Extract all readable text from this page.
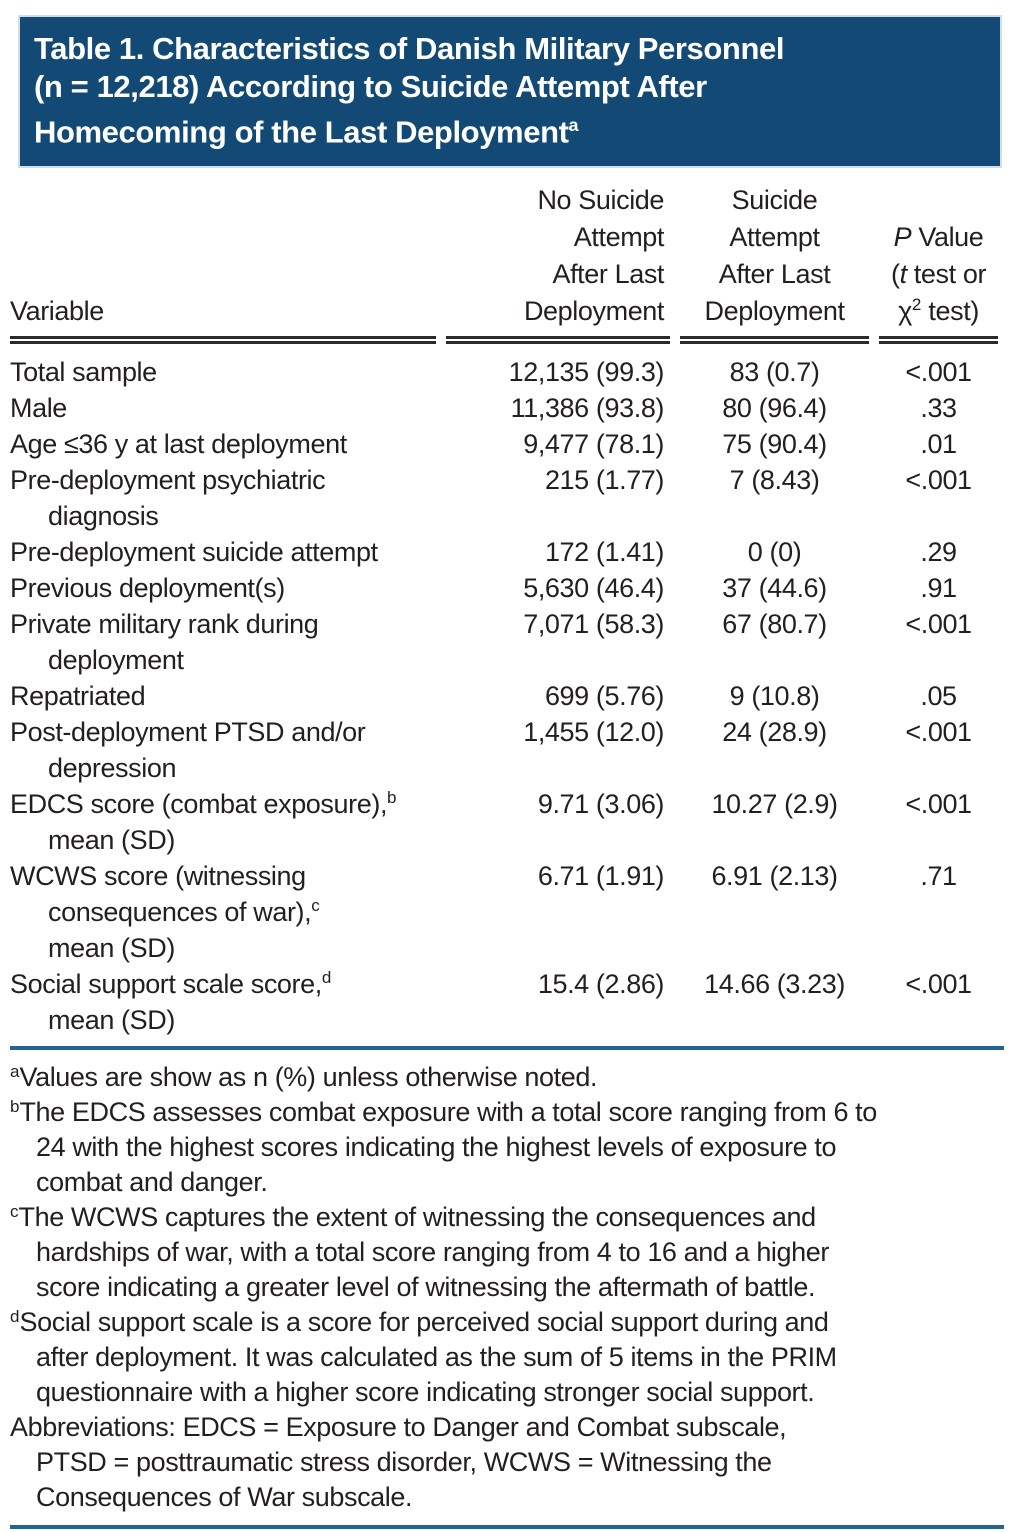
Table 1. Characteristics of Danish Military Personnel
(n = 12,218) According to Suicide Attempt After
Homecoming of the Last Deployment$^a$
Variable	
No Suicide
Attempt
After Last
Deployment

Suicide
Attempt
After Last
Deployment

P Value
(t test or
$\chi^2$ test)

Total sample	12,135 (99.3)	83 (0.7)	<.001

Male	11,386 (93.8)	80 (96.4)	.33

Age ≤36 y at last deployment	9,477 (78.1)	75 (90.4)	.01

Pre-deployment psychiatric
diagnosis	215 (1.77)	7 (8.43)	<.001

Pre-deployment suicide attempt	172 (1.41)	0 (0)	.29

Previous deployment(s)	5,630 (46.4)	37 (44.6)	.91

Private military rank during
deployment	7,071 (58.3)	67 (80.7)	<.001

Repatriated	699 (5.76)	9 (10.8)	.05

Post-deployment PTSD and/or
depression	1,455 (12.0)	24 (28.9)	<.001

EDCS score (combat exposure),$^b$
mean (SD)	9.71 (3.06)	10.27 (2.9)	<.001

WCWS score (witnessing
consequences of war),$^c$
mean (SD)	6.71 (1.91)	6.91 (2.13)	.71

Social support scale score,$^d$
mean (SD)	15.4 (2.86)	14.66 (3.23)	<.001
$^a$Values are show as n (%) unless otherwise noted.
$^b$The EDCS assesses combat exposure with a total score ranging from 6 to
24 with the highest scores indicating the highest levels of exposure to
combat and danger.
$^c$The WCWS captures the extent of witnessing the consequences and
hardships of war, with a total score ranging from 4 to 16 and a higher
score indicating a greater level of witnessing the aftermath of battle.
$^d$Social support scale is a score for perceived social support during and
after deployment. It was calculated as the sum of 5 items in the PRIM
questionnaire with a higher score indicating stronger social support.
Abbreviations: EDCS = Exposure to Danger and Combat subscale,
PTSD = posttraumatic stress disorder, WCWS = Witnessing the
Consequences of War subscale.
